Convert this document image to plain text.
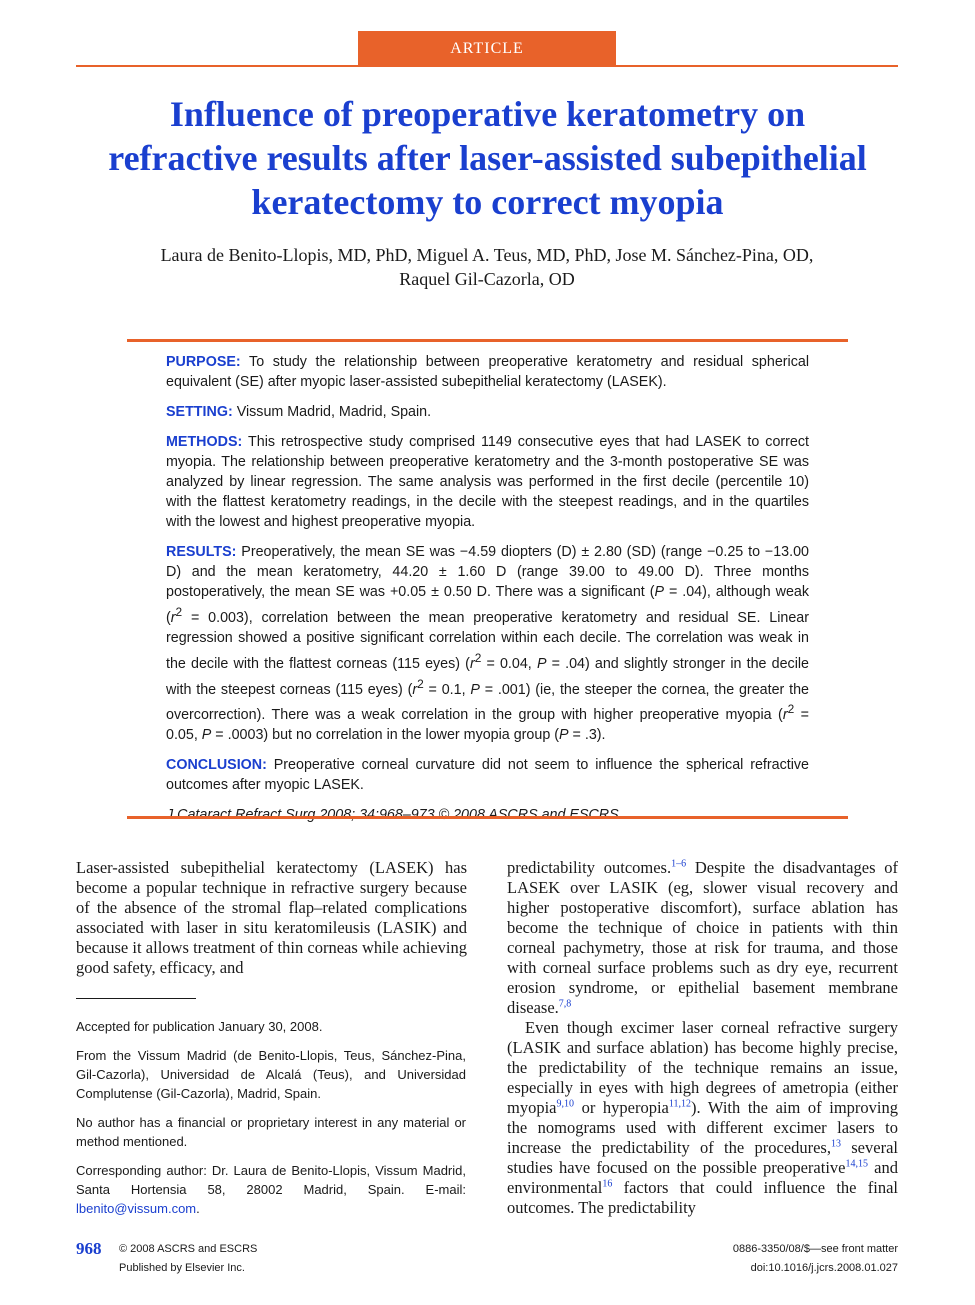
ARTICLE
Influence of preoperative keratometry on
refractive results after laser-assisted subepithelial
keratectomy to correct myopia
Laura de Benito-Llopis, MD, PhD, Miguel A. Teus, MD, PhD, Jose M. Sánchez-Pina, OD,
Raquel Gil-Cazorla, OD

PURPOSE: To study the relationship between preoperative keratometry and residual spherical equivalent (SE) after myopic laser-assisted subepithelial keratectomy (LASEK).

SETTING: Vissum Madrid, Madrid, Spain.

METHODS: This retrospective study comprised 1149 consecutive eyes that had LASEK to correct myopia. The relationship between preoperative keratometry and the 3-month postoperative SE was analyzed by linear regression. The same analysis was performed in the first decile (percentile 10) with the flattest keratometry readings, in the decile with the steepest readings, and in the quartiles with the lowest and highest preoperative myopia.

RESULTS: Preoperatively, the mean SE was −4.59 diopters (D) ± 2.80 (SD) (range −0.25 to −13.00 D) and the mean keratometry, 44.20 ± 1.60 D (range 39.00 to 49.00 D). Three months postoperatively, the mean SE was +0.05 ± 0.50 D. There was a significant (P = .04), although weak $(r^2 = 0.003)$, correlation between the mean preoperative keratometry and residual SE. Linear regression showed a positive significant correlation within each decile. The correlation was weak in the decile with the flattest corneas (115 eyes) ($r^2 = 0.04$, P = .04) and slightly stronger in the decile with the steepest corneas (115 eyes) ($r^2 = 0.1$, P = .001) (ie, the steeper the cornea, the greater the overcorrection). There was a weak correlation in the group with higher preoperative myopia ($r^2 = 0.05$, P = .0003) but no correlation in the lower myopia group (P = .3).

CONCLUSION: Preoperative corneal curvature did not seem to influence the spherical refractive outcomes after myopic LASEK.

Laser-assisted subepithelial keratectomy (LASEK) has become a popular technique in refractive surgery because of the absence of the stromal flap–related complications associated with laser in situ keratomileusis (LASIK) and because it allows treatment of thin corneas while achieving good safety, efficacy, and

predictability outcomes.$^{1-6}$ Despite the disadvantages of LASEK over LASIK (eg, slower visual recovery and higher postoperative discomfort), surface ablation has become the technique of choice in patients with thin corneal pachymetry, those at risk for trauma, and those with corneal surface problems such as dry eye, recurrent erosion syndrome, or epithelial basement membrane disease.$^{7,8}$

Even though excimer laser corneal refractive surgery (LASIK and surface ablation) has become highly precise, the predictability of the technique remains an issue, especially in eyes with high degrees of ametropia (either myopia$^{9,10}$ or hyperopia$^{11,12}$). With the aim of improving the nomograms used with different excimer lasers to increase the predictability of the procedures,$^{13}$ several studies have focused on the possible preoperative$^{14,15}$ and environmental$^{16}$ factors that could influence the final outcomes. The predictability

Accepted for publication January 30, 2008.

From the Vissum Madrid (de Benito-Llopis, Teus, Sánchez-Pina, Gil-Cazorla), Universidad de Alcalá (Teus), and Universidad Complutense (Gil-Cazorla), Madrid, Spain.

No author has a financial or proprietary interest in any material or method mentioned.

Corresponding author: Dr. Laura de Benito-Llopis, Vissum Madrid, Santa Hortensia 58, 28002 Madrid, Spain. E-mail: lbenito@vissum.com.

968 © 2008 ASCRS and ESCRS
Published by Elsevier Inc.
0886-3350/08/$—see front matter
doi:10.1016/j.jcrs.2008.01.027
